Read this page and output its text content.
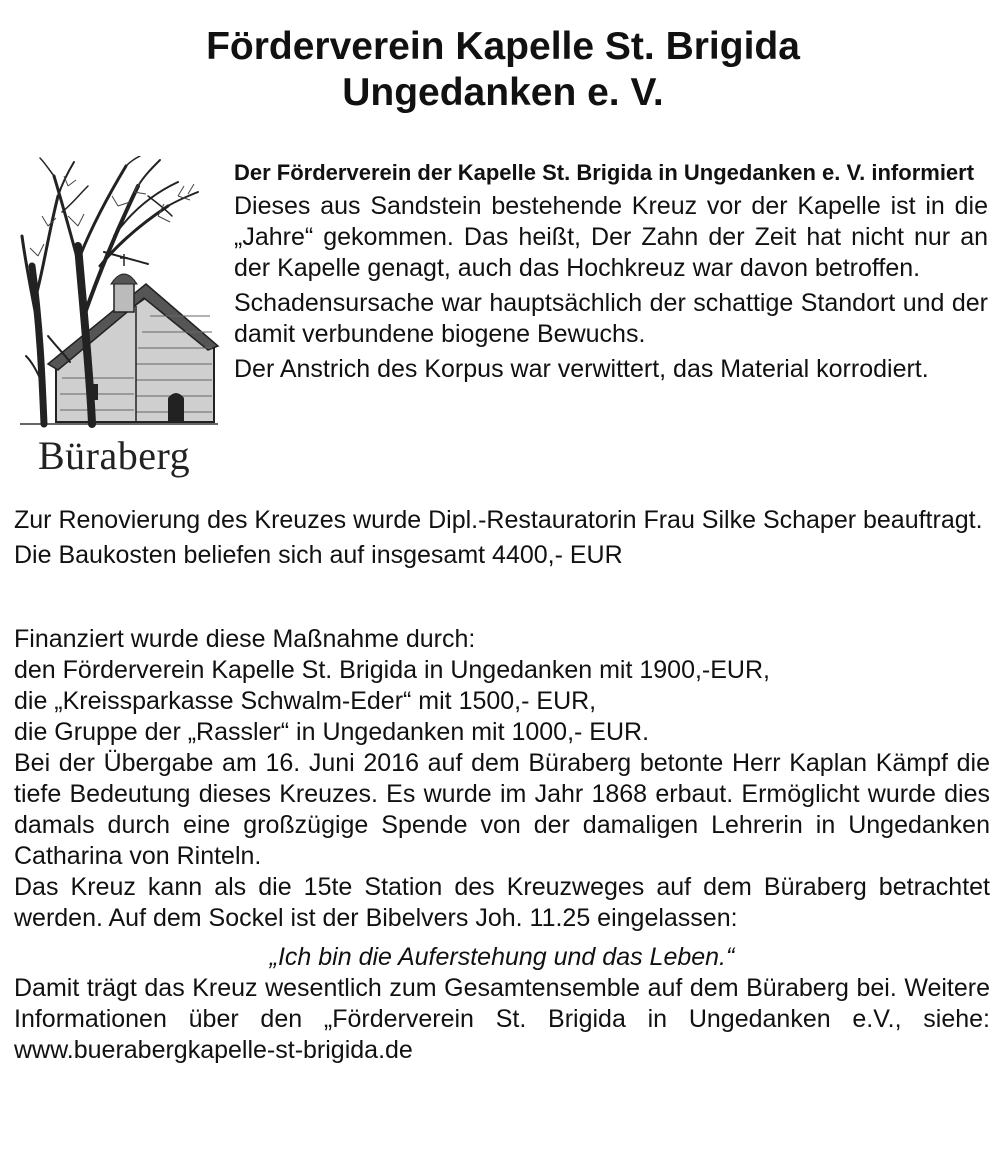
Förderverein Kapelle St. Brigida
Ungedanken e. V.
Büraberg
Der Förderverein der Kapelle St. Brigida in Ungedanken e. V. informiert
Dieses aus Sandstein bestehende Kreuz vor der Kapelle ist in die „Jahre“ gekommen. Das heißt, Der Zahn der Zeit hat nicht nur an der Kapelle genagt, auch das Hochkreuz war davon betroffen.
Schadensursache war hauptsächlich der schattige Standort und der damit verbundene biogene Bewuchs.
Der Anstrich des Korpus war verwittert, das Material korrodiert.
Zur Renovierung des Kreuzes wurde Dipl.-Restauratorin Frau Silke Schaper beauftragt.
Die Baukosten beliefen sich auf insgesamt 4400,- EUR
Finanziert wurde diese Maßnahme durch:
den Förderverein Kapelle St. Brigida in Ungedanken mit 1900,-EUR,
die „Kreissparkasse Schwalm-Eder“ mit 1500,- EUR,
die Gruppe der „Rassler“ in Ungedanken mit 1000,- EUR.
Bei der Übergabe am 16. Juni 2016 auf dem Büraberg betonte Herr Kaplan Kämpf die tiefe Bedeutung dieses Kreuzes. Es wurde im Jahr 1868 erbaut. Ermöglicht wurde dies damals durch eine großzügige Spende von der damaligen Lehrerin in Ungedanken Catharina von Rinteln.
Das Kreuz kann als die 15te Station des Kreuzweges auf dem Büraberg betrachtet werden. Auf dem Sockel ist der Bibelvers Joh. 11.25 eingelassen:
„Ich bin die Auferstehung und das Leben.“
Damit trägt das Kreuz wesentlich zum Gesamtensemble auf dem Büraberg bei. Weitere Informationen über den „Förderverein St. Brigida in Ungedanken e.V., siehe: www.buerabergkapelle-st-brigida.de
